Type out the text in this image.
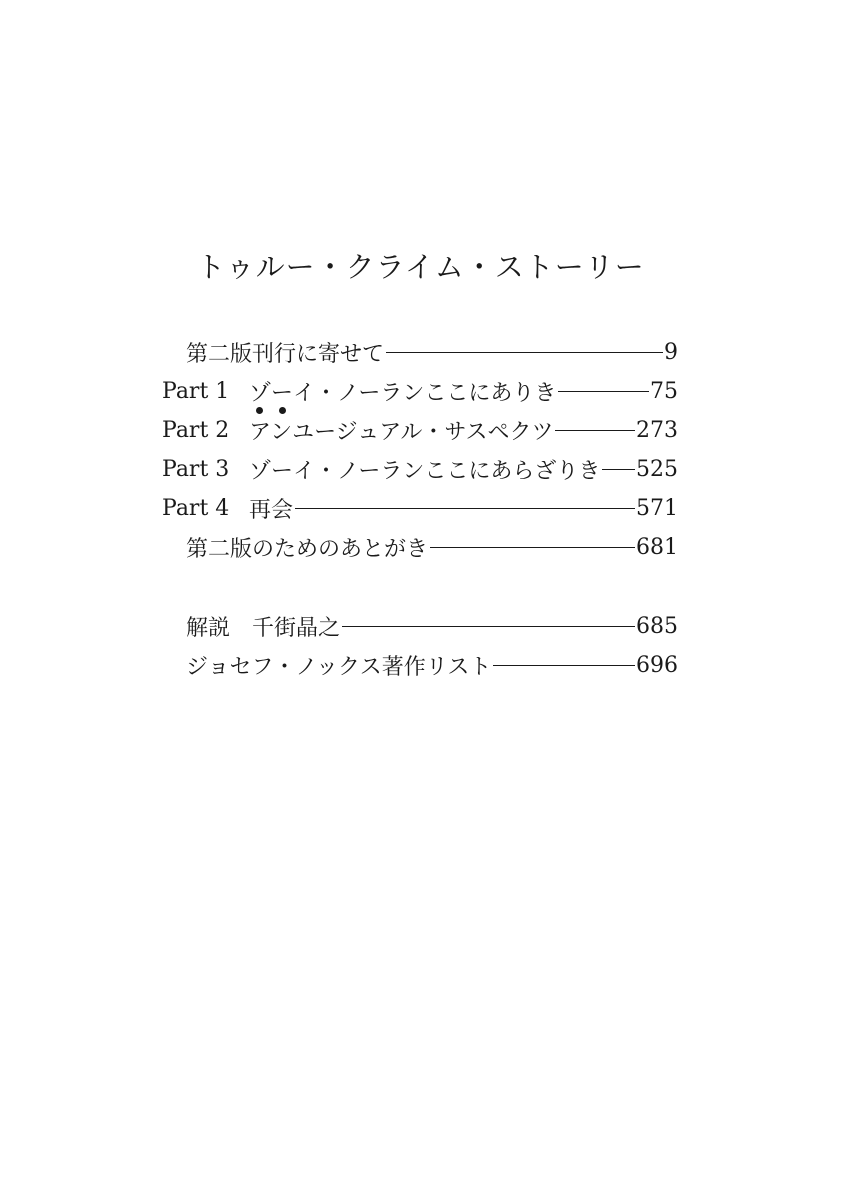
トゥルー・クライム・ストーリー
第二版刊行に寄せて	9
Part 1 ゾーイ・ノーランここにありき	75
Part 2 アンユージュアル・サスペクツ	273
Part 3 ゾーイ・ノーランここにあらざりき 525
Part 4 再会	571
第二版のためのあとがき	681
解説　千街晶之	685
ジョセフ・ノックス著作リスト	696
